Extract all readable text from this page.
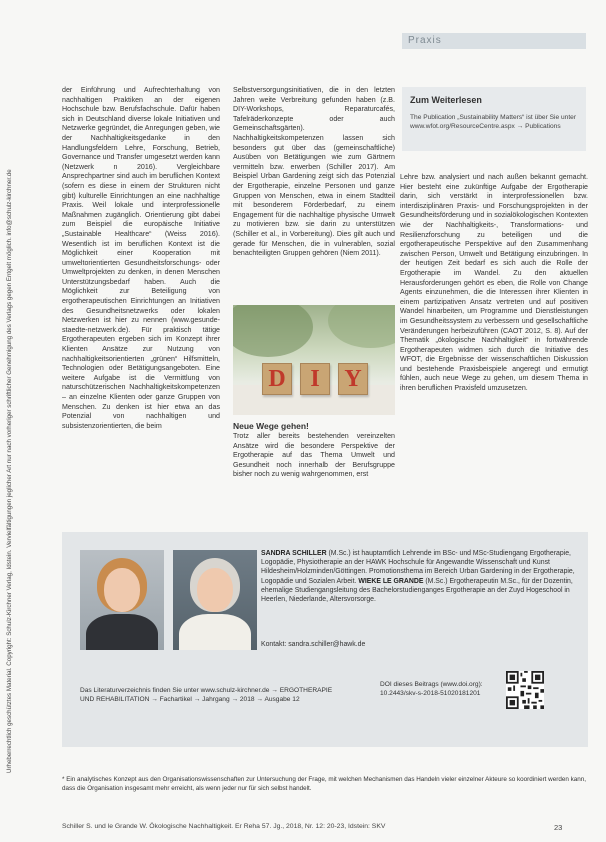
Urheberrechtlich geschütztes Material. Copyright: Schulz-Kirchner Verlag, Idstein. Vervielfältigungen jeglicher Art nur nach vorheriger schriftlicher Genehmigung des Verlags gegen Entgelt möglich. info@schulz-kirchner.de
Praxis

der Einführung und Aufrechterhaltung von nachhaltigen Praktiken an der eigenen Hochschule bzw. Berufsfachschule. Dafür haben sich in Deutschland diverse lokale Initiativen und Netzwerke gegründet, die Anregungen geben, wie der Nachhaltigkeitsgedanke in den Handlungsfeldern Lehre, Forschung, Betrieb, Governance und Transfer umgesetzt werden kann (Netzwerk n 2016). Vergleichbare Ansprechpartner sind auch im beruflichen Kontext (sofern es diese in einem der Strukturen nicht gibt) kulturelle Einrichtungen an eine nachhaltige Praxis. Weil lokale und interprofessionelle Maßnahmen zugänglich. Orientierung gibt dabei zum Beispiel die europäische Initiative „Sustainable Healthcare“ (Weiss 2016). Wesentlich ist im beruflichen Kontext ist die Möglichkeit einer Kooperation mit umweltorientierten Gesundheitsforschungs- oder Umweltprojekten zu denken, in denen Menschen Unterstützungsbedarf haben. Auch die Möglichkeit zur Beteiligung von ergotherapeutischen Einrichtungen an Initiativen des Gesundheitsnetzwerks oder lokalen Netzwerken ist hier zu nennen (www.gesunde-staedte-netzwerk.de). Für praktisch tätige Ergotherapeuten ergeben sich im Konzept ihrer Klienten Ansätze zur Nutzung von nachhaltigkeitsorientierten „grünen“ Hilfsmitteln, Technologien oder Betätigungsangeboten. Eine weitere Aufgabe ist die Vermittlung von naturschützerischen Nachhaltigkeitskompetenzen – an einzelne Klienten oder ganze Gruppen von Menschen. Zu denken ist hier etwa an das Potenzial von nachhaltigen und subsistenzorientierten, die beim

Selbstversorgungsinitiativen, die in den letzten Jahren weite Verbreitung gefunden haben (z.B. DIY-Workshops, Reparaturcafés, Tafelräderkonzepte oder auch Gemeinschaftsgärten). Nachhaltigkeitskompetenzen lassen sich besonders gut über das (gemeinschaftliche) Ausüben von Betätigungen wie zum Gärtnern vermitteln bzw. erwerben (Schiller 2017). Am Beispiel Urban Gardening zeigt sich das Potenzial der Ergotherapie, einzelne Personen und ganze Gruppen von Menschen, etwa in einem Stadtteil mit besonderem Förderbedarf, zu einem Engagement für die nachhaltige physische Umwelt zu motivieren bzw. sie darin zu unterstützen (Schiller et al., in Vorbereitung). Dies gilt auch und gerade für Menschen, die in vulnerablen, sozial benachteiligten Gruppen gehören (Niem 2011).

Zum Weiterlesen

The Publication „Sustainability Matters“ ist über Sie unter www.wfot.org/ResourceCentre.aspx → Publications

Lehre bzw. analysiert und nach außen bekannt gemacht. Hier besteht eine zukünftige Aufgabe der Ergotherapie darin, sich verstärkt in interprofessionellen bzw. interdisziplinären Praxis- und Forschungsprojekten in der Gesundheitsförderung und in sozialökologischen Kontexten wie der Nachhaltigkeits-, Transformations- und Resilienzforschung zu beteiligen und die ergotherapeutische Perspektive auf den Zusammenhang zwischen Person, Umwelt und Betätigung einzubringen. In der heutigen Zeit bedarf es sich auch die Rolle der Ergotherapie im Wandel. Zu den aktuellen Herausforderungen gehört es eben, die Rolle von Change Agents einzunehmen, die die Interessen ihrer Klienten in einem partizipativen Ansatz vertreten und auf positiven Wandel hinarbeiten, um Programme und Dienstleistungen im Gesundheitssystem zu verbessern und gesellschaftliche Veränderungen herbeizuführen (CAOT 2012, S. 8). Auf der Thematik „ökologische Nachhaltigkeit“ in fortwährende Ergotherapeuten widmen sich durch die Initiative des WFOT, die Ergebnisse der wissenschaftlichen Diskussion und bestehende Praxisbeispiele angeregt und ermutigt fühlen, auch neue Wege zu gehen, um diesem Thema in ihren beruflichen Praxisfeld umzusetzen.

D	I	Y
Neue Wege gehen!

Trotz aller bereits bestehenden vereinzelten Ansätze wird die besondere Perspektive der Ergotherapie auf das Thema Umwelt und Gesundheit noch innerhalb der Berufsgruppe bisher noch zu wenig wahrgenommen, erst

SANDRA SCHILLER (M.Sc.) ist hauptamtlich Lehrende im BSc- und MSc-Studiengang Ergotherapie, Logopädie, Physiotherapie an der HAWK Hochschule für Angewandte Wissenschaft und Kunst Hildesheim/Holzminden/Göttingen. Promotionsthema im Bereich Urban Gardening in der Ergotherapie, Logopädie und Sozialen Arbeit. WIEKE LE GRANDE (M.Sc.) Ergotherapeutin M.Sc., für der Dozentin, ehemalige Studiengangsleitung des Bachelorstudienganges Ergotherapie an der Zuyd Hogeschool in Heerlen, Niederlande, Altersvorsorge.
Kontakt: sandra.schiller@hawk.de
Das Literaturverzeichnis finden Sie unter www.schulz-kirchner.de → ERGOTHERAPIE UND REHABILITATION → Fachartikel → Jahrgang → 2018 → Ausgabe 12
DOI dieses Beitrags (www.doi.org): 10.2443/skv-s-2018-51020181201
* Ein analytisches Konzept aus den Organisationswissenschaften zur Untersuchung der Frage, mit welchen Mechanismen das Handeln vieler einzelner Akteure so koordiniert werden kann, dass die Organisation insgesamt mehr erreicht, als wenn jeder nur für sich selbst handelt.
Schiller S. und le Grande W. Ökologische Nachhaltigkeit. Er Reha 57. Jg., 2018, Nr. 12: 20-23, Idstein: SKV	23
